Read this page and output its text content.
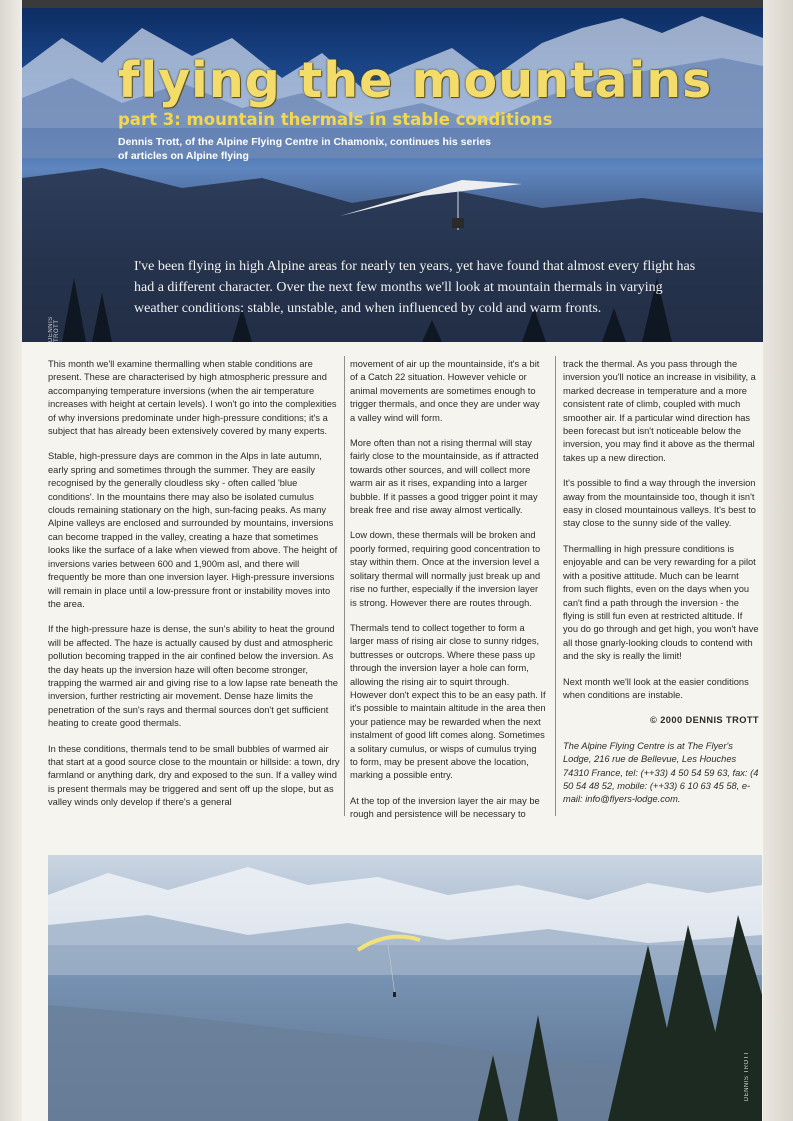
flying the mountains
part 3: mountain thermals in stable conditions

Dennis Trott, of the Alpine Flying Centre in Chamonix, continues his series of articles on Alpine flying

I've been flying in high Alpine areas for nearly ten years, yet have found that almost every flight has had a different character. Over the next few months we'll look at mountain thermals in varying weather conditions: stable, unstable, and when influenced by cold and warm fronts.

DENNIS TROTT

This month we'll examine thermalling when stable conditions are present. These are characterised by high atmospheric pressure and accompanying temperature inversions (when the air temperature increases with height at certain levels). I won't go into the complexities of why inversions predominate under high-pressure conditions; it's a subject that has already been extensively covered by many experts.

Stable, high-pressure days are common in the Alps in late autumn, early spring and sometimes through the summer. They are easily recognised by the generally cloudless sky - often called 'blue conditions'. In the mountains there may also be isolated cumulus clouds remaining stationary on the high, sun-facing peaks. As many Alpine valleys are enclosed and surrounded by mountains, inversions can become trapped in the valley, creating a haze that sometimes looks like the surface of a lake when viewed from above. The height of inversions varies between 600 and 1,900m asl, and there will frequently be more than one inversion layer. High-pressure inversions will remain in place until a low-pressure front or instability moves into the area.

If the high-pressure haze is dense, the sun's ability to heat the ground will be affected. The haze is actually caused by dust and atmospheric pollution becoming trapped in the air confined below the inversion. As the day heats up the inversion haze will often become stronger, trapping the warmed air and giving rise to a low lapse rate beneath the inversion, further restricting air movement. Dense haze limits the penetration of the sun's rays and thermal sources don't get sufficient heating to create good thermals.

In these conditions, thermals tend to be small bubbles of warmed air that start at a good source close to the mountain or hillside: a town, dry farmland or anything dark, dry and exposed to the sun. If a valley wind is present thermals may be triggered and sent off up the slope, but as valley winds only develop if there's a general

movement of air up the mountainside, it's a bit of a Catch 22 situation. However vehicle or animal movements are sometimes enough to trigger thermals, and once they are under way a valley wind will form.

More often than not a rising thermal will stay fairly close to the mountainside, as if attracted towards other sources, and will collect more warm air as it rises, expanding into a larger bubble. If it passes a good trigger point it may break free and rise away almost vertically.

Low down, these thermals will be broken and poorly formed, requiring good concentration to stay within them. Once at the inversion level a solitary thermal will normally just break up and rise no further, especially if the inversion layer is strong. However there are routes through.

Thermals tend to collect together to form a larger mass of rising air close to sunny ridges, buttresses or outcrops. Where these pass up through the inversion layer a hole can form, allowing the rising air to squirt through. However don't expect this to be an easy path. If it's possible to maintain altitude in the area then your patience may be rewarded when the next instalment of good lift comes along. Sometimes a solitary cumulus, or wisps of cumulus trying to form, may be present above the location, marking a possible entry.

At the top of the inversion layer the air may be rough and persistence will be necessary to

track the thermal. As you pass through the inversion you'll notice an increase in visibility, a marked decrease in temperature and a more consistent rate of climb, coupled with much smoother air. If a particular wind direction has been forecast but isn't noticeable below the inversion, you may find it above as the thermal takes up a new direction.

It's possible to find a way through the inversion away from the mountainside too, though it isn't easy in closed mountainous valleys. It's best to stay close to the sunny side of the valley.

Thermalling in high pressure conditions is enjoyable and can be very rewarding for a pilot with a positive attitude. Much can be learnt from such flights, even on the days when you can't find a path through the inversion - the flying is still fun even at restricted altitude. If you do go through and get high, you won't have all those gnarly-looking clouds to contend with and the sky is really the limit!

Next month we'll look at the easier conditions when conditions are instable.

© 2000 DENNIS TROTT

The Alpine Flying Centre is at The Flyer's Lodge, 216 rue de Bellevue, Les Houches 74310 France, tel: (++33) 4 50 54 59 63, fax: (4 50 54 48 52, mobile: (++33) 6 10 63 45 58, e-mail: info@flyers-lodge.com.

DENNIS TROTT
